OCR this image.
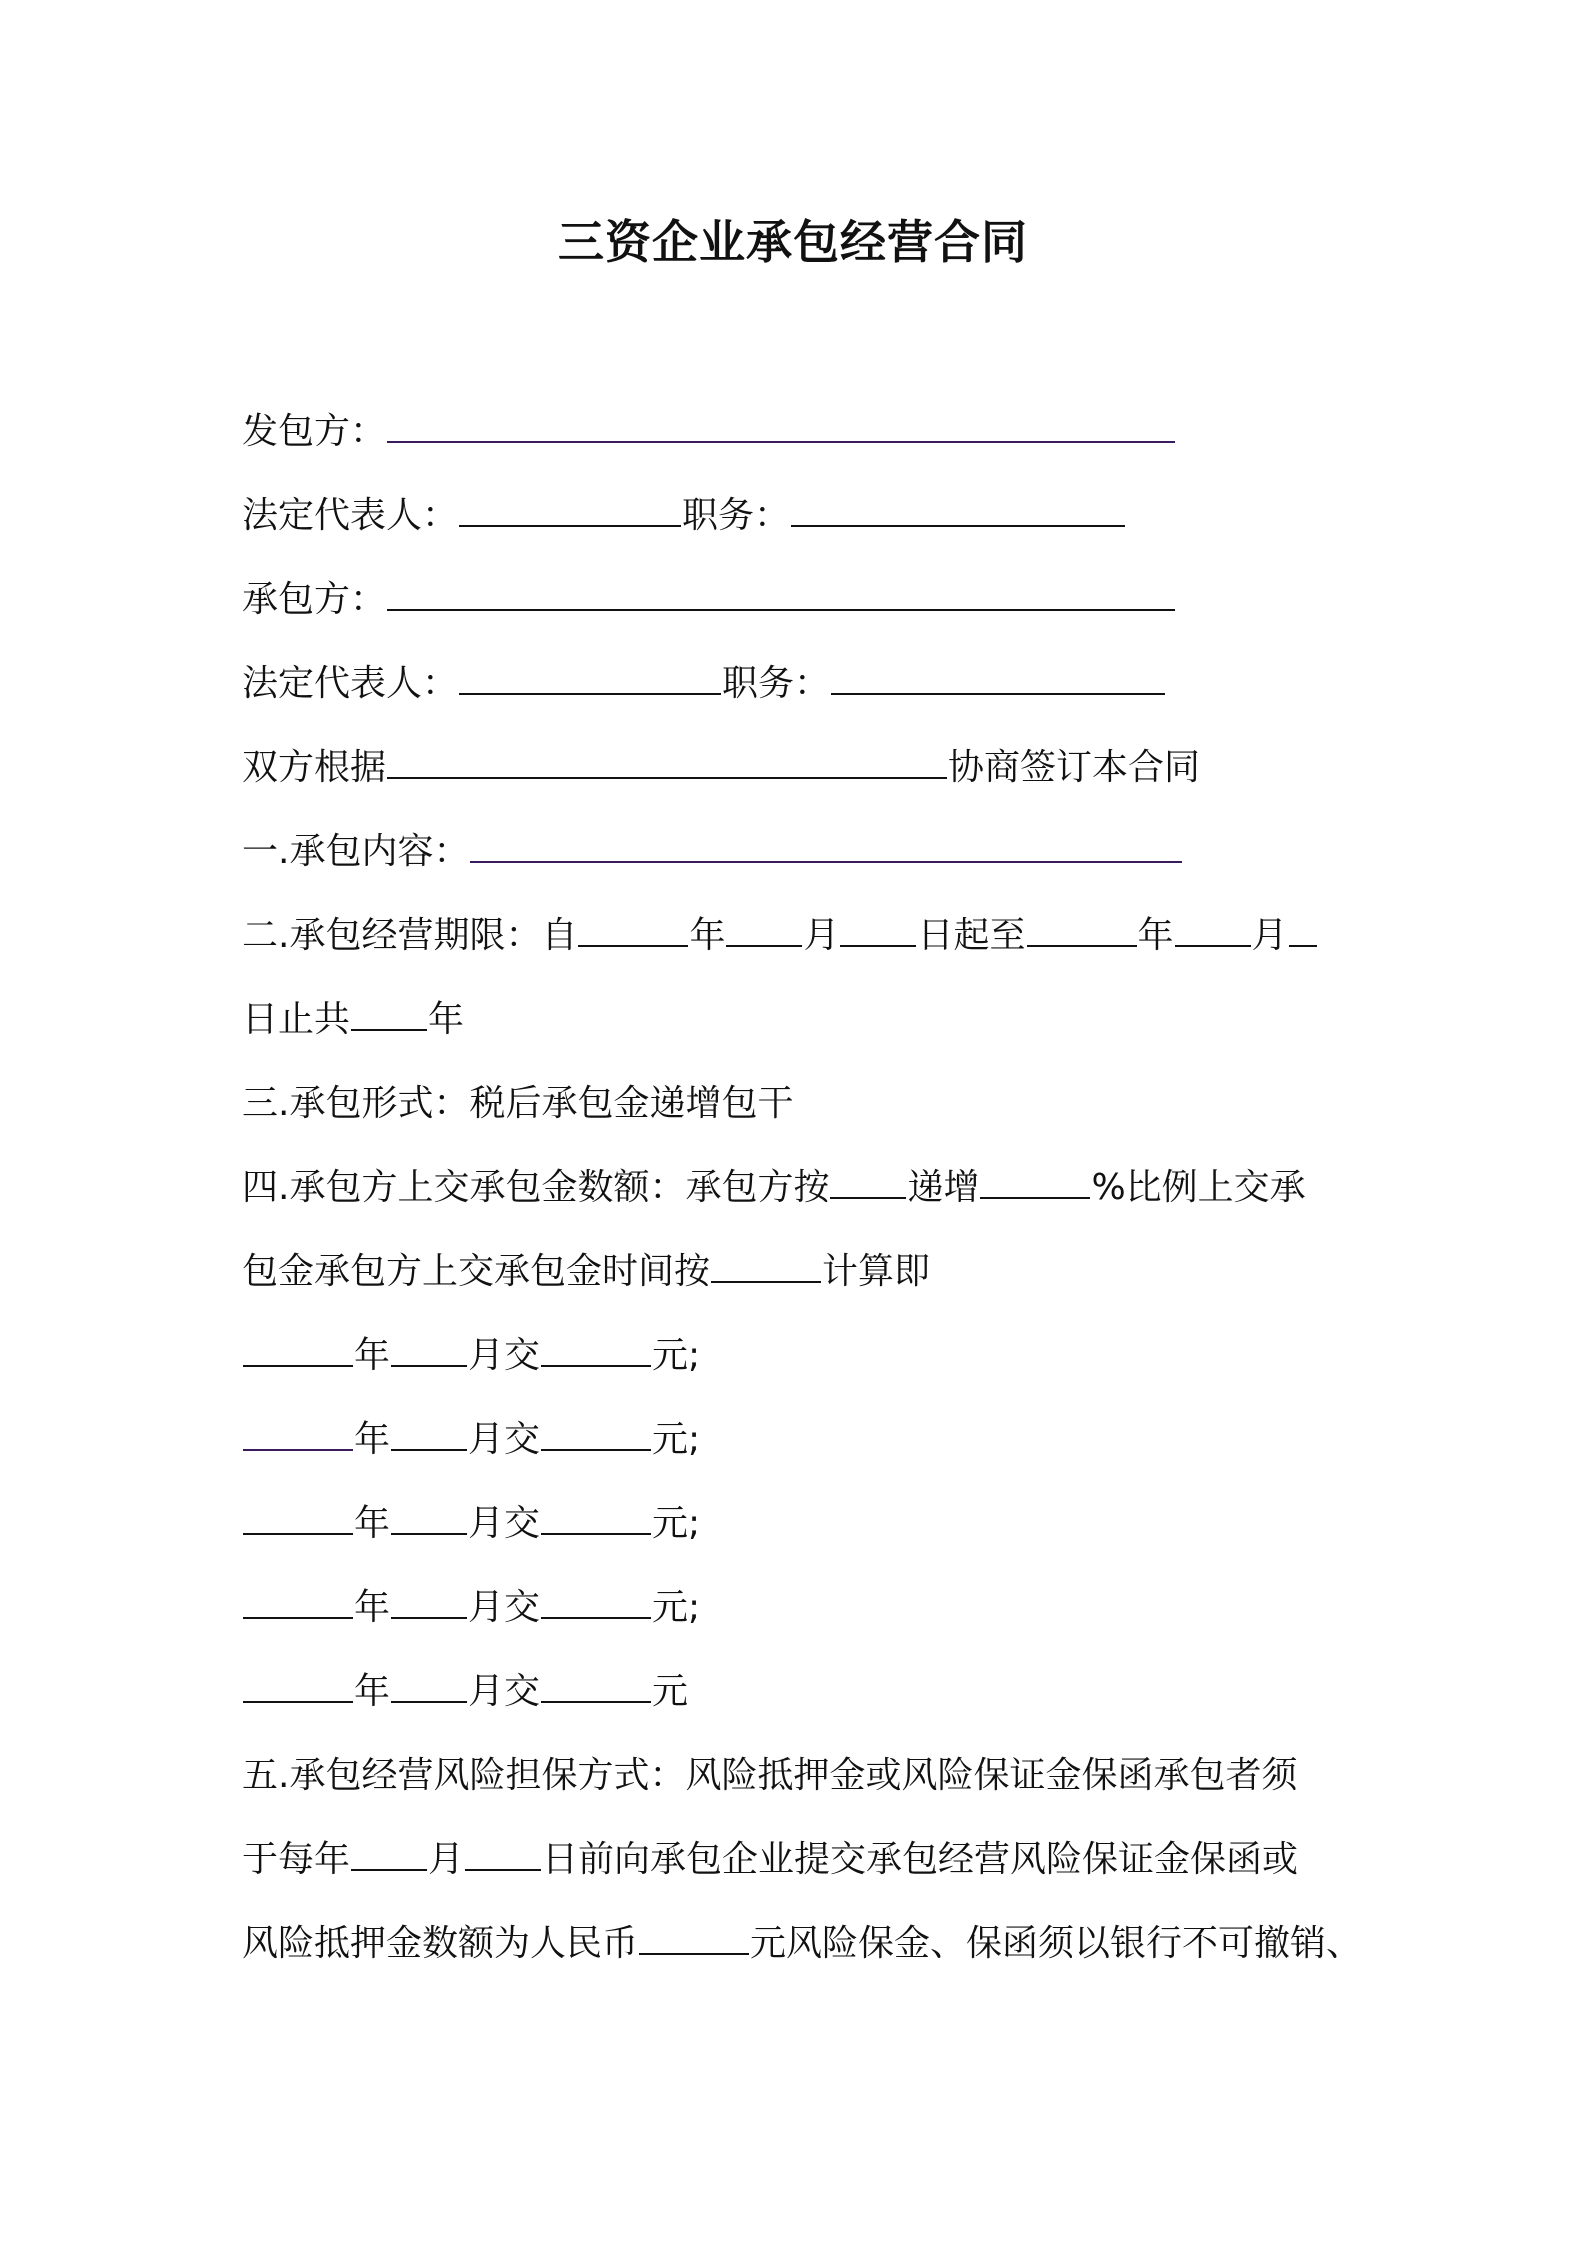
三资企业承包经营合同
发包方：
法定代表人：	职务：
承包方：
法定代表人：	职务：
双方根据	协商签订本合同
一.承包内容：
二.承包经营期限：自	年 月 日起至	年 月
日止共 年
三.承包形式：税后承包金递增包干
四.承包方上交承包金数额：承包方按 递增	%比例上交承
包金承包方上交承包金时间按	计算即
年 月交	元;
年 月交	元;
年 月交	元;
年 月交	元;
年 月交	元
五.承包经营风险担保方式：风险抵押金或风险保证金保函承包者须
于每年 月 日前向承包企业提交承包经营风险保证金保函或
风险抵押金数额为人民币	元风险保金、保函须以银行不可撤销、
